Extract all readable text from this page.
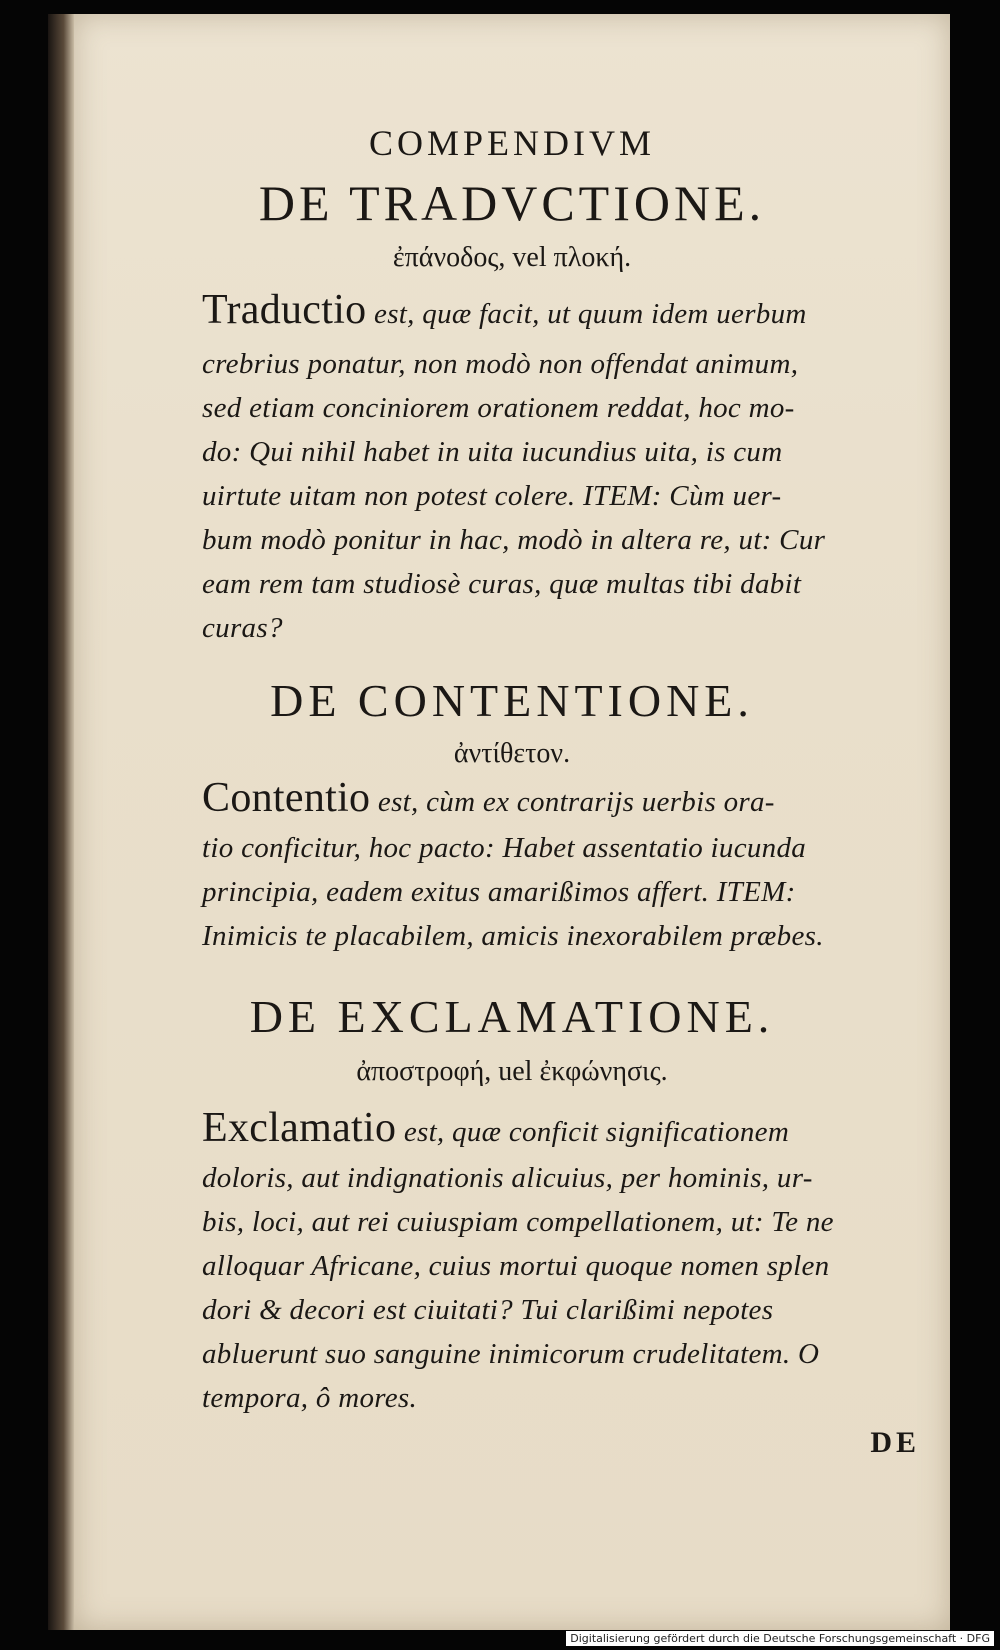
COMPENDIVM
DE TRADVCTIONE.
ἐπάνοδος, vel πλοκή.
Traductio est, quæ facit, ut quum idem uerbum
crebrius ponatur, non modò non offendat animum,
sed etiam conciniorem orationem reddat, hoc mo-
do: Qui nihil habet in uita iucundius uita, is cum
uirtute uitam non potest colere. ITEM: Cùm uer-
bum modò ponitur in hac, modò in altera re, ut: Cur
eam rem tam studiosè curas, quæ multas tibi dabit
curas?
DE CONTENTIONE.
ἀντίθετον.
Contentio est, cùm ex contrarijs uerbis ora-
tio conficitur, hoc pacto: Habet assentatio iucunda
principia, eadem exitus amarißimos affert. ITEM:
Inimicis te placabilem, amicis inexorabilem præbes.
DE EXCLAMATIONE.
ἀποστροφή, uel ἐκφώνησις.
Exclamatio est, quæ conficit significationem
doloris, aut indignationis alicuius, per hominis, ur-
bis, loci, aut rei cuiuspiam compellationem, ut: Te ne
alloquar Africane, cuius mortui quoque nomen splen
dori & decori est ciuitati? Tui clarißimi nepotes
abluerunt suo sanguine inimicorum crudelitatem. O
tempora, ô mores.
DE
Digitalisierung gefördert durch die Deutsche Forschungsgemeinschaft · DFG
